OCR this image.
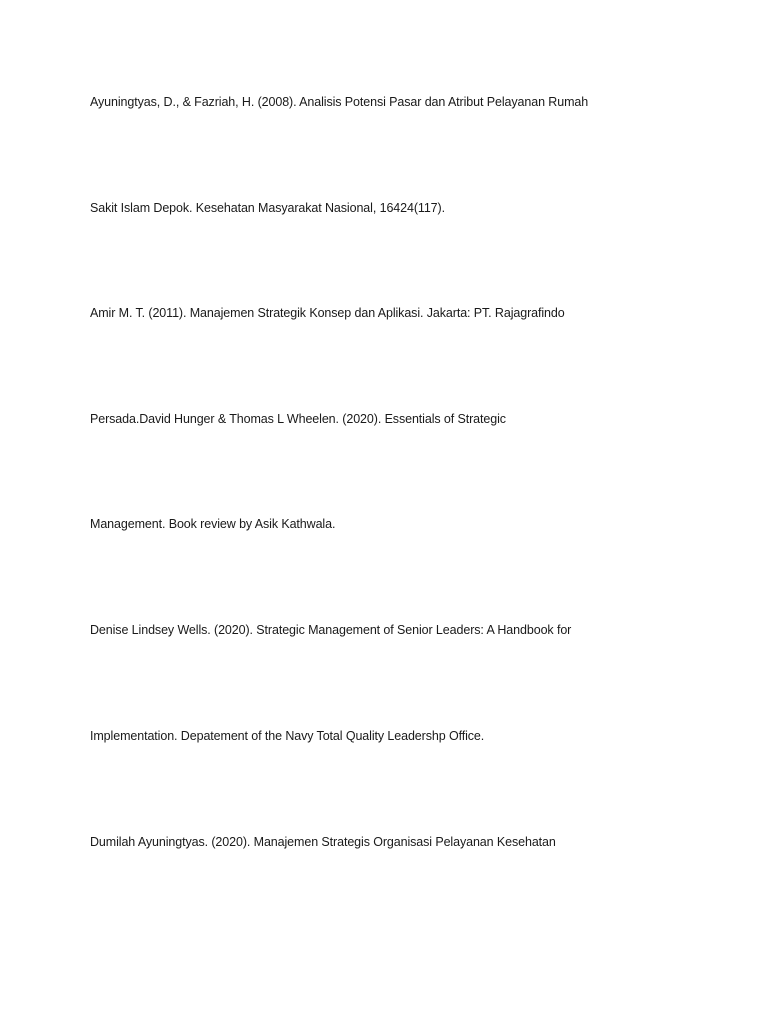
Ayuningtyas, D., & Fazriah, H. (2008). Analisis Potensi Pasar dan Atribut Pelayanan Rumah

Sakit Islam Depok. Kesehatan Masyarakat Nasional, 16424(117).

Amir M. T. (2011). Manajemen Strategik Konsep dan Aplikasi. Jakarta: PT. Rajagrafindo

Persada.David Hunger & Thomas L Wheelen. (2020). Essentials of Strategic

Management. Book review by Asik Kathwala.

Denise Lindsey Wells. (2020). Strategic Management of Senior Leaders: A Handbook for

Implementation. Depatement of the Navy Total Quality Leadershp Office.

Dumilah Ayuningtyas. (2020). Manajemen Strategis Organisasi Pelayanan Kesehatan
